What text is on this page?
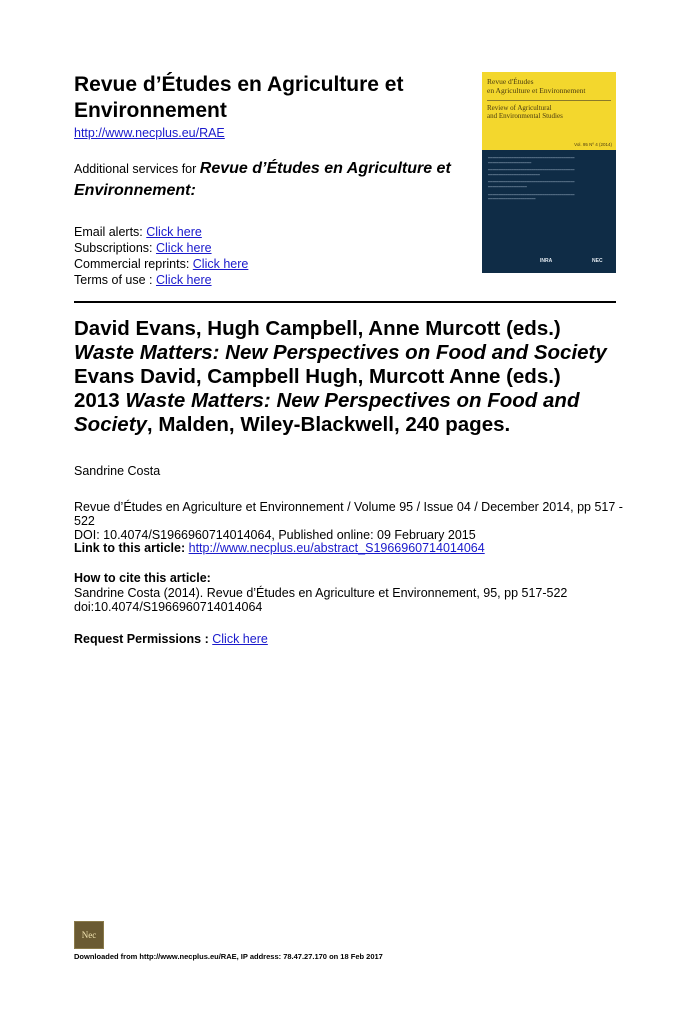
Revue d’Études en Agriculture et Environnement
http://www.necplus.eu/RAE
Additional services for Revue d’Études en Agriculture et Environnement:
Email alerts: Click here
Subscriptions: Click here
Commercial reprints: Click here
Terms of use : Click here
Revue d'Études
en Agriculture et Environnement
Review of Agricultural
and Environmental Studies
Vol. 95 Nº 4 (2014)
━━━━━━━━━━━━━━━━━━━━━━━━━━━━━━━━━━━━━━━━
━━━━━━━━━━━━━━━━━━━━
━━━━━━━━━━━━━━━━━━━━━━━━━━━━━━━━━━━━━━━━
━━━━━━━━━━━━━━━━━━━━━━━━
━━━━━━━━━━━━━━━━━━━━━━━━━━━━━━━━━━━━━━━━
━━━━━━━━━━━━━━━━━━
━━━━━━━━━━━━━━━━━━━━━━━━━━━━━━━━━━━━━━━━
━━━━━━━━━━━━━━━━━━━━━━
INRA	NEC
David Evans, Hugh Campbell, Anne Murcott (eds.)
Waste Matters: New Perspectives on Food and Society
Evans David, Campbell Hugh, Murcott Anne (eds.)
2013 Waste Matters: New Perspectives on Food and
Society, Malden, Wiley-Blackwell, 240 pages.
Sandrine Costa
Revue d’Études en Agriculture et Environnement / Volume 95 / Issue 04 / December 2014, pp 517 - 522
DOI: 10.4074/S1966960714014064, Published online: 09 February 2015
Link to this article: http://www.necplus.eu/abstract_S1966960714014064
How to cite this article:
Sandrine Costa (2014). Revue d’Études en Agriculture et Environnement, 95, pp 517-522
doi:10.4074/S1966960714014064
Request Permissions : Click here
Nec
Downloaded from http://www.necplus.eu/RAE, IP address: 78.47.27.170 on 18 Feb 2017
